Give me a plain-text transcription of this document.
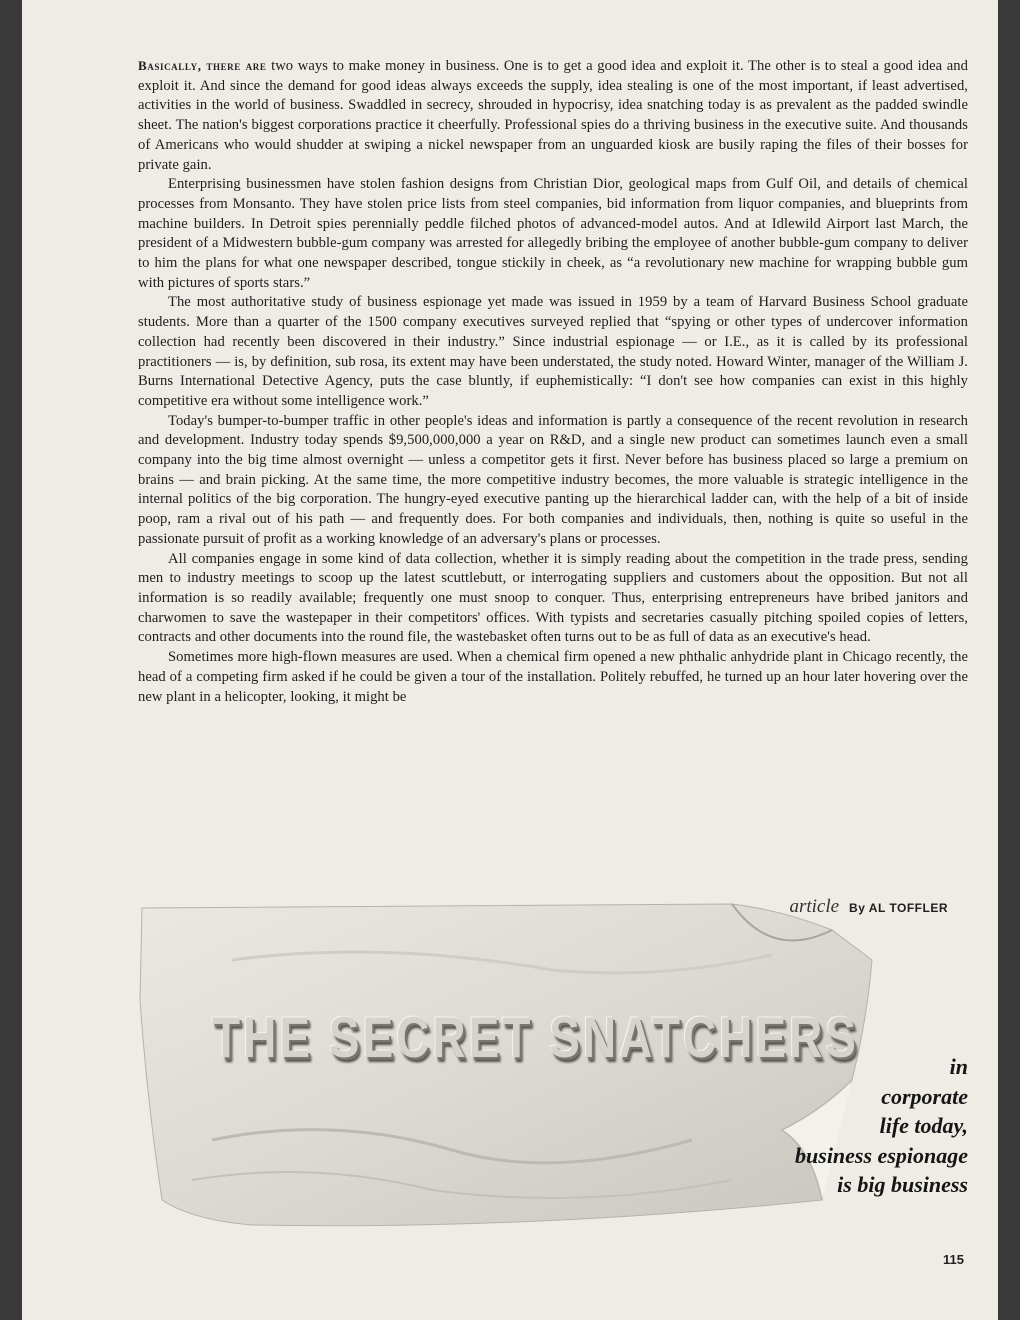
Basically, there are two ways to make money in business. One is to get a good idea and exploit it. The other is to steal a good idea and exploit it. And since the demand for good ideas always exceeds the supply, idea stealing is one of the most important, if least advertised, activities in the world of business. Swaddled in secrecy, shrouded in hypocrisy, idea snatching today is as prevalent as the padded swindle sheet. The nation's biggest corporations practice it cheerfully. Professional spies do a thriving business in the executive suite. And thousands of Americans who would shudder at swiping a nickel newspaper from an unguarded kiosk are busily raping the files of their bosses for private gain.

Enterprising businessmen have stolen fashion designs from Christian Dior, geological maps from Gulf Oil, and details of chemical processes from Monsanto. They have stolen price lists from steel companies, bid information from liquor companies, and blueprints from machine builders. In Detroit spies perennially peddle filched photos of advanced-model autos. And at Idlewild Airport last March, the president of a Midwestern bubble-gum company was arrested for allegedly bribing the employee of another bubble-gum company to deliver to him the plans for what one newspaper described, tongue stickily in cheek, as “a revolutionary new machine for wrapping bubble gum with pictures of sports stars.”

The most authoritative study of business espionage yet made was issued in 1959 by a team of Harvard Business School graduate students. More than a quarter of the 1500 company executives surveyed replied that “spying or other types of undercover information collection had recently been discovered in their industry.” Since industrial espionage — or I.E., as it is called by its professional practitioners — is, by definition, sub rosa, its extent may have been understated, the study noted. Howard Winter, manager of the William J. Burns International Detective Agency, puts the case bluntly, if euphemistically: “I don't see how companies can exist in this highly competitive era without some intelligence work.”

Today's bumper-to-bumper traffic in other people's ideas and information is partly a consequence of the recent revolution in research and development. Industry today spends $9,500,000,000 a year on R&D, and a single new product can sometimes launch even a small company into the big time almost overnight — unless a competitor gets it first. Never before has business placed so large a premium on brains — and brain picking. At the same time, the more competitive industry becomes, the more valuable is strategic intelligence in the internal politics of the big corporation. The hungry-eyed executive panting up the hierarchical ladder can, with the help of a bit of inside poop, ram a rival out of his path — and frequently does. For both companies and individuals, then, nothing is quite so useful in the passionate pursuit of profit as a working knowledge of an adversary's plans or processes.

All companies engage in some kind of data collection, whether it is simply reading about the competition in the trade press, sending men to industry meetings to scoop up the latest scuttlebutt, or interrogating suppliers and customers about the opposition. But not all information is so readily available; frequently one must snoop to conquer. Thus, enterprising entrepreneurs have bribed janitors and charwomen to save the wastepaper in their competitors' offices. With typists and secretaries casually pitching spoiled copies of letters, contracts and other documents into the round file, the wastebasket often turns out to be as full of data as an executive's head.

Sometimes more high-flown measures are used. When a chemical firm opened a new phthalic anhydride plant in Chicago recently, the head of a competing firm asked if he could be given a tour of the installation. Politely rebuffed, he turned up an hour later hovering over the new plant in a helicopter, looking, it might be

THE SECRET SNATCHERS
article By AL TOFFLER
in
corporate
life today,
business espionage
is big business
115
